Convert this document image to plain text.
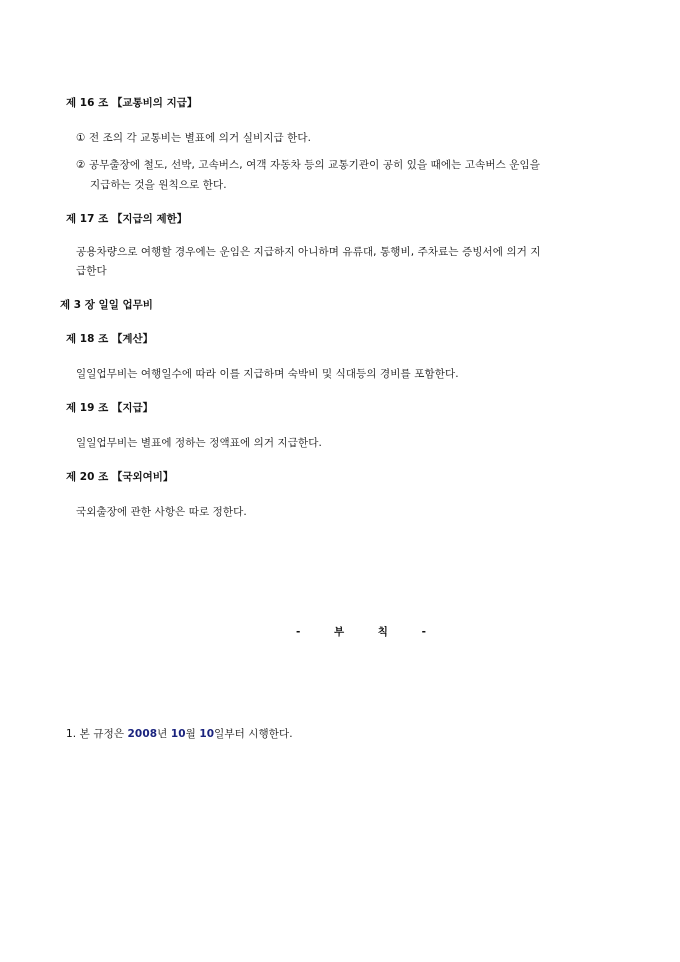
제 16 조 【교통비의 지급】
① 전 조의 각 교통비는 별표에 의거 실비지급 한다.
② 공무출장에 철도, 선박, 고속버스, 여객 자동차 등의 교통기관이 공히 있을 때에는 고속버스 운임을
지급하는 것을 원칙으로 한다.
제 17 조 【지급의 제한】
공용차량으로 여행할 경우에는 운임은 지급하지 아니하며 유류대, 통행비, 주차료는 증빙서에 의거 지
급한다
제 3 장 일일 업무비
제 18 조 【계산】
일일업무비는 여행일수에 따라 이를 지급하며 숙박비 및 식대등의 경비를 포함한다.
제 19 조 【지급】
일일업무비는 별표에 정하는 정액표에 의거 지급한다.
제 20 조 【국외여비】
국외출장에 관한 사항은 따로 정한다.
- 부 칙 -
1. 본 규정은 2008년 10월 10일부터 시행한다.
